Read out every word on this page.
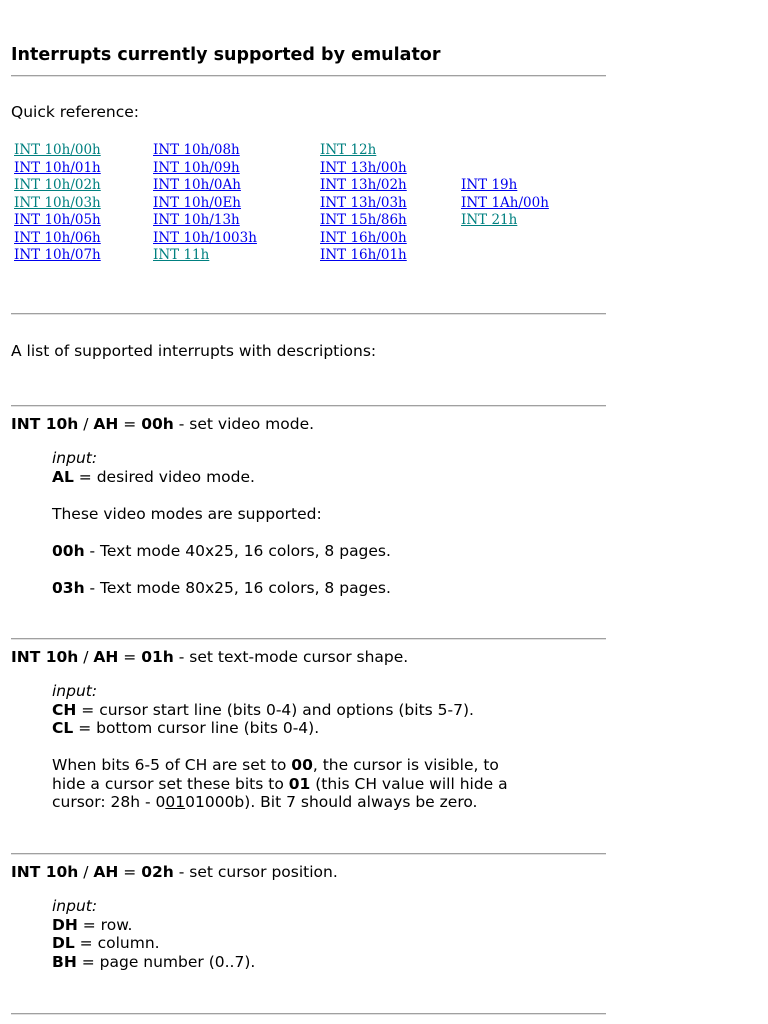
Interrupts currently supported by emulator

Quick reference:

INT 10h/00h
INT 10h/01h
INT 10h/02h
INT 10h/03h
INT 10h/05h
INT 10h/06h
INT 10h/07h
INT 10h/08h
INT 10h/09h
INT 10h/0Ah
INT 10h/0Eh
INT 10h/13h
INT 10h/1003h
INT 11h
INT 12h
INT 13h/00h
INT 13h/02h
INT 13h/03h
INT 15h/86h
INT 16h/00h
INT 16h/01h
INT 19h
INT 1Ah/00h
INT 21h

A list of supported interrupts with descriptions:

INT 10h / AH = 00h - set video mode.

input:

AL = desired video mode.

These video modes are supported:

00h - Text mode 40x25, 16 colors, 8 pages.

03h - Text mode 80x25, 16 colors, 8 pages.

INT 10h / AH = 01h - set text-mode cursor shape.

input:

CH = cursor start line (bits 0-4) and options (bits 5-7).

CL = bottom cursor line (bits 0-4).

When bits 6-5 of CH are set to 00, the cursor is visible, to

hide a cursor set these bits to 01 (this CH value will hide a

cursor: 28h - 00101000b). Bit 7 should always be zero.

INT 10h / AH = 02h - set cursor position.

input:

DH = row.

DL = column.

BH = page number (0..7).
